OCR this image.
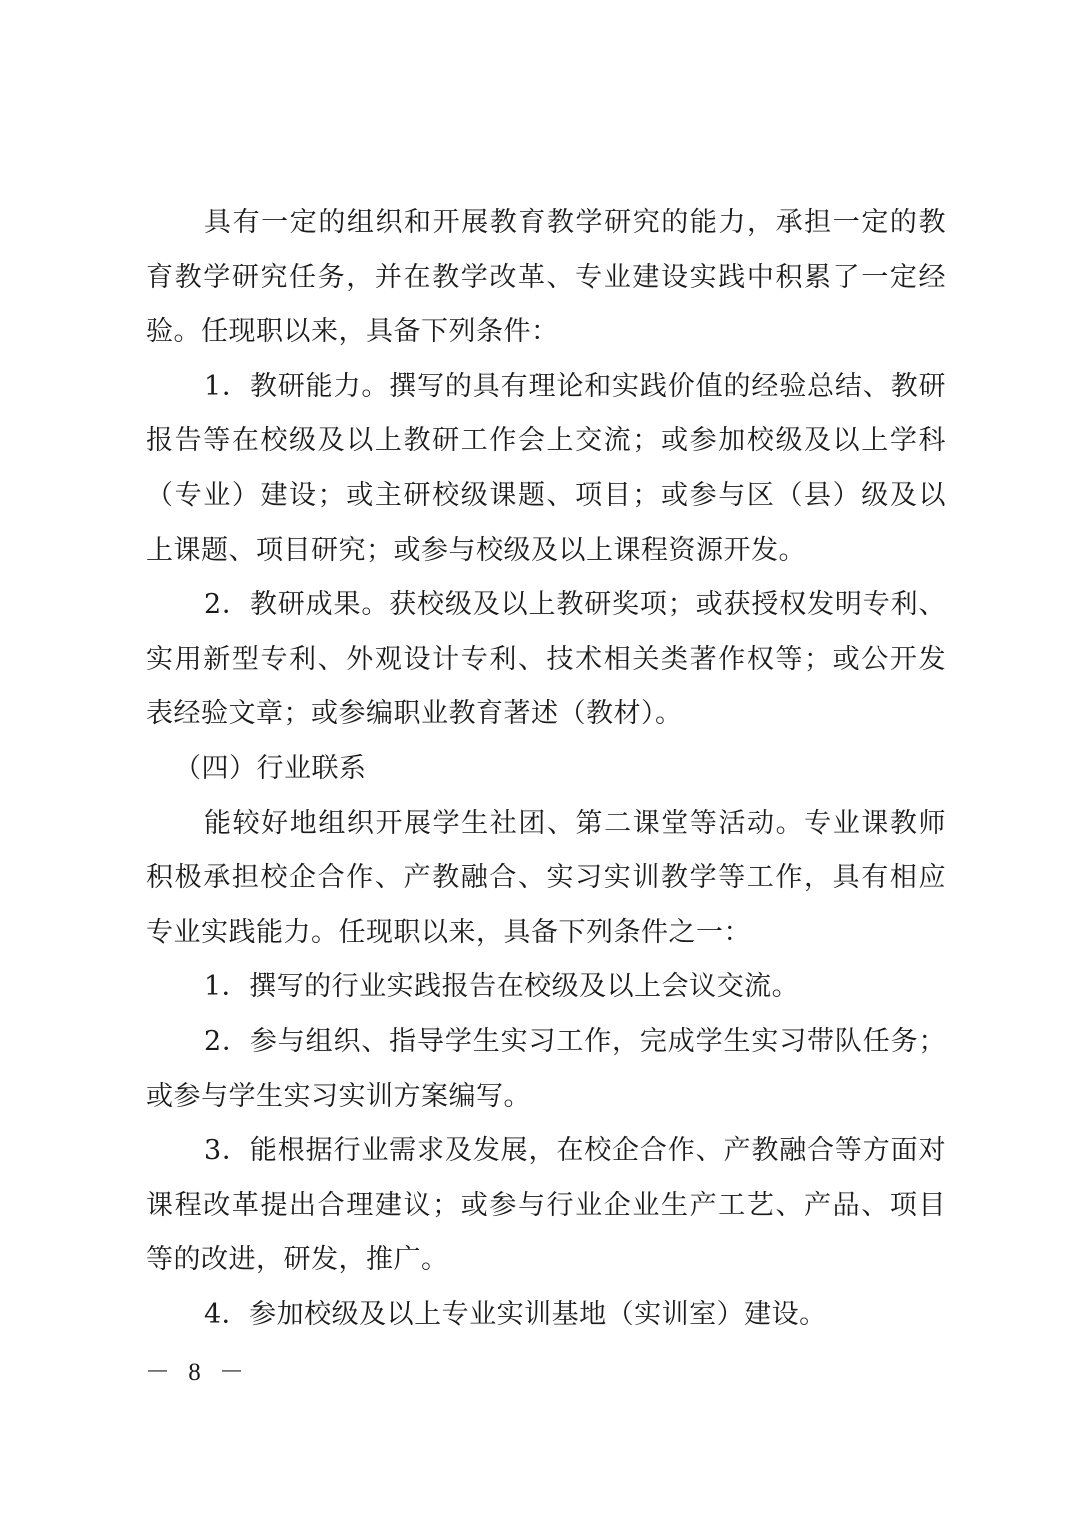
具有一定的组织和开展教育教学研究的能力，承担一定的教
育教学研究任务，并在教学改革、专业建设实践中积累了一定经
验。任现职以来，具备下列条件：
1．教研能力。撰写的具有理论和实践价值的经验总结、教研
报告等在校级及以上教研工作会上交流；或参加校级及以上学科
（专业）建设；或主研校级课题、项目；或参与区（县）级及以
上课题、项目研究；或参与校级及以上课程资源开发。
2．教研成果。获校级及以上教研奖项；或获授权发明专利、
实用新型专利、外观设计专利、技术相关类著作权等；或公开发
表经验文章；或参编职业教育著述（教材）。
（四）行业联系
能较好地组织开展学生社团、第二课堂等活动。专业课教师
积极承担校企合作、产教融合、实习实训教学等工作，具有相应
专业实践能力。任现职以来，具备下列条件之一：
1．撰写的行业实践报告在校级及以上会议交流。
2．参与组织、指导学生实习工作，完成学生实习带队任务；
或参与学生实习实训方案编写。
3．能根据行业需求及发展，在校企合作、产教融合等方面对
课程改革提出合理建议；或参与行业企业生产工艺、产品、项目
等的改进，研发，推广。
4．参加校级及以上专业实训基地（实训室）建设。
－ 8 －
